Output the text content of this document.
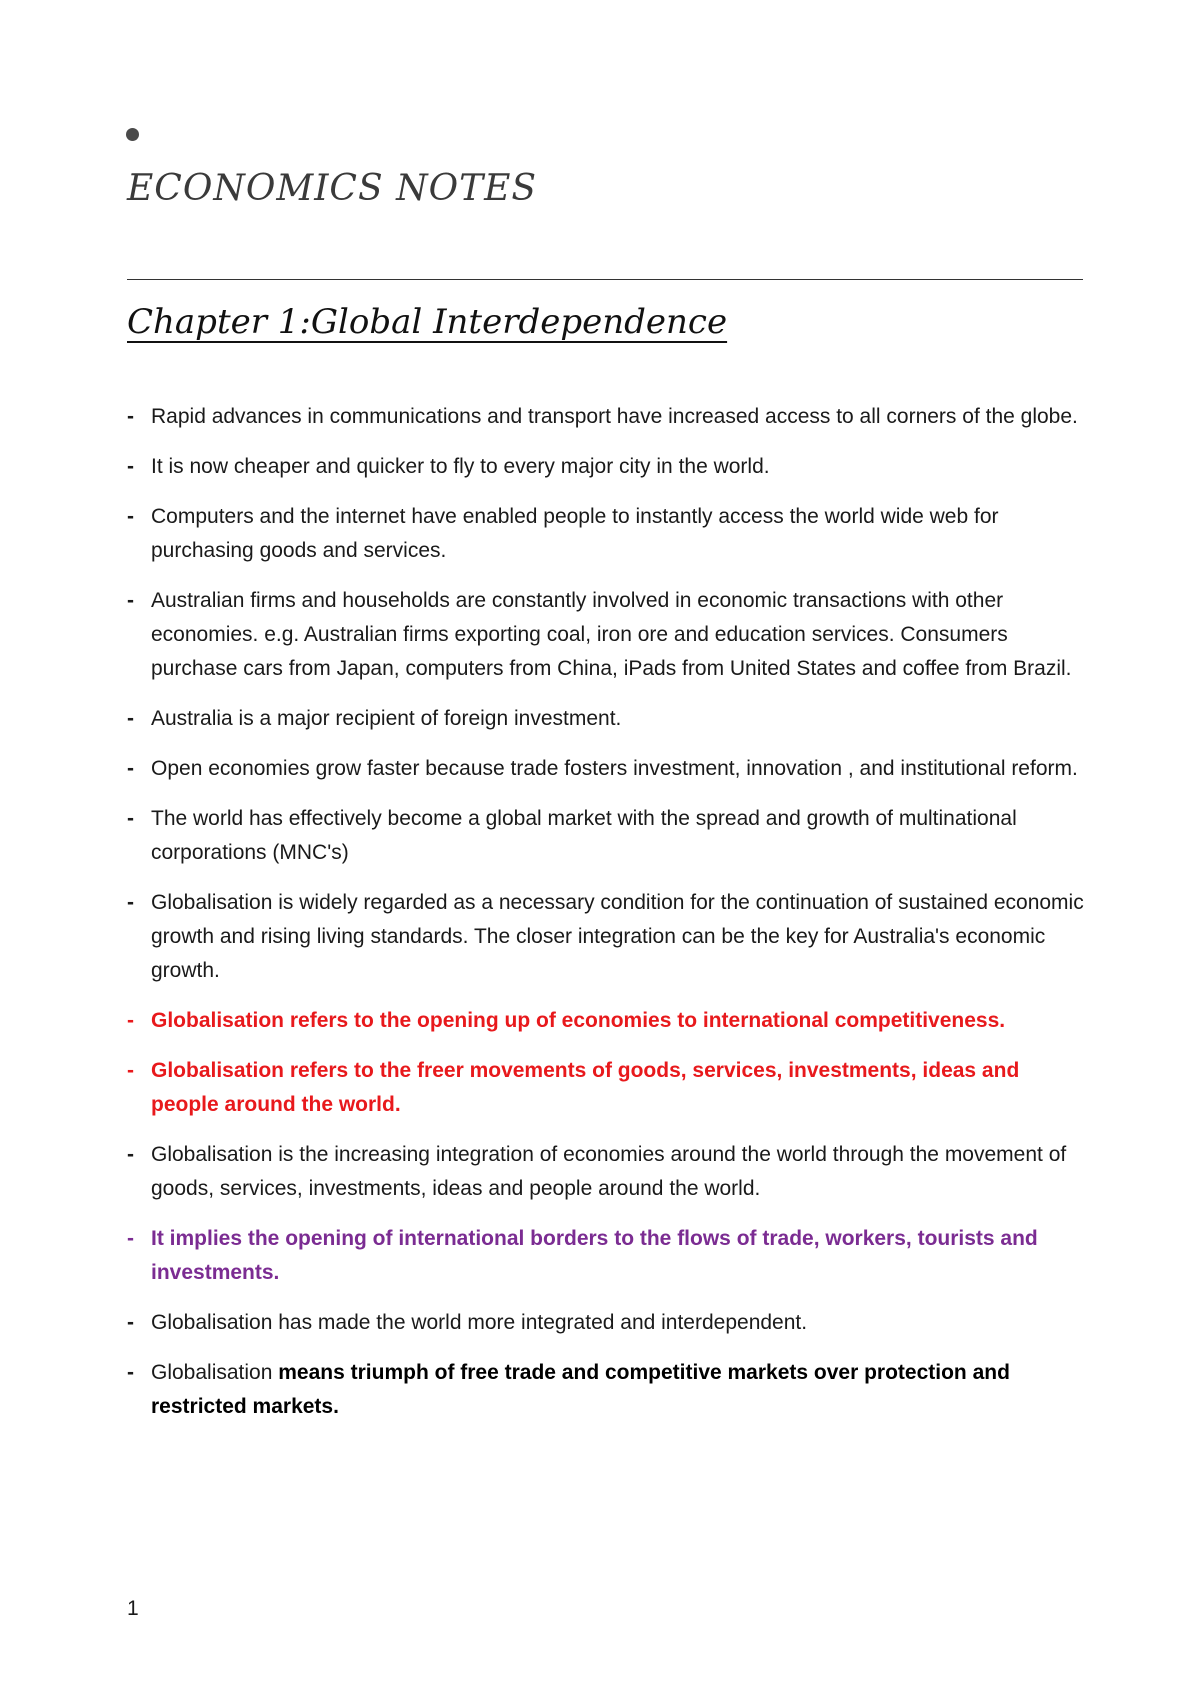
ECONOMICS NOTES
Chapter 1:Global Interdependence
- Rapid advances in communications and transport have increased access to all corners of the globe.
- It is now cheaper and quicker to fly to every major city in the world.
- Computers and the internet have enabled people to instantly access the world wide web for purchasing goods and services.
- Australian firms and households are constantly involved in economic transactions with other economies. e.g. Australian firms exporting coal, iron ore and education services. Consumers purchase cars from Japan, computers from China, iPads from United States and coffee from Brazil.
- Australia is a major recipient of foreign investment.
- Open economies grow faster because trade fosters investment, innovation , and institutional reform.
- The world has effectively become a global market with the spread and growth of multinational corporations (MNC's)
- Globalisation is widely regarded as a necessary condition for the continuation of sustained economic growth and rising living standards. The closer integration can be the key for Australia's economic growth.
- Globalisation refers to the opening up of economies to international competitiveness.
- Globalisation refers to the freer movements of goods, services, investments, ideas and people around the world.
- Globalisation is the increasing integration of economies around the world through the movement of goods, services, investments, ideas and people around the world.
- It implies the opening of international borders to the flows of trade, workers, tourists and investments.
- Globalisation has made the world more integrated and interdependent.
- Globalisation means triumph of free trade and competitive markets over protection and restricted markets.
1
